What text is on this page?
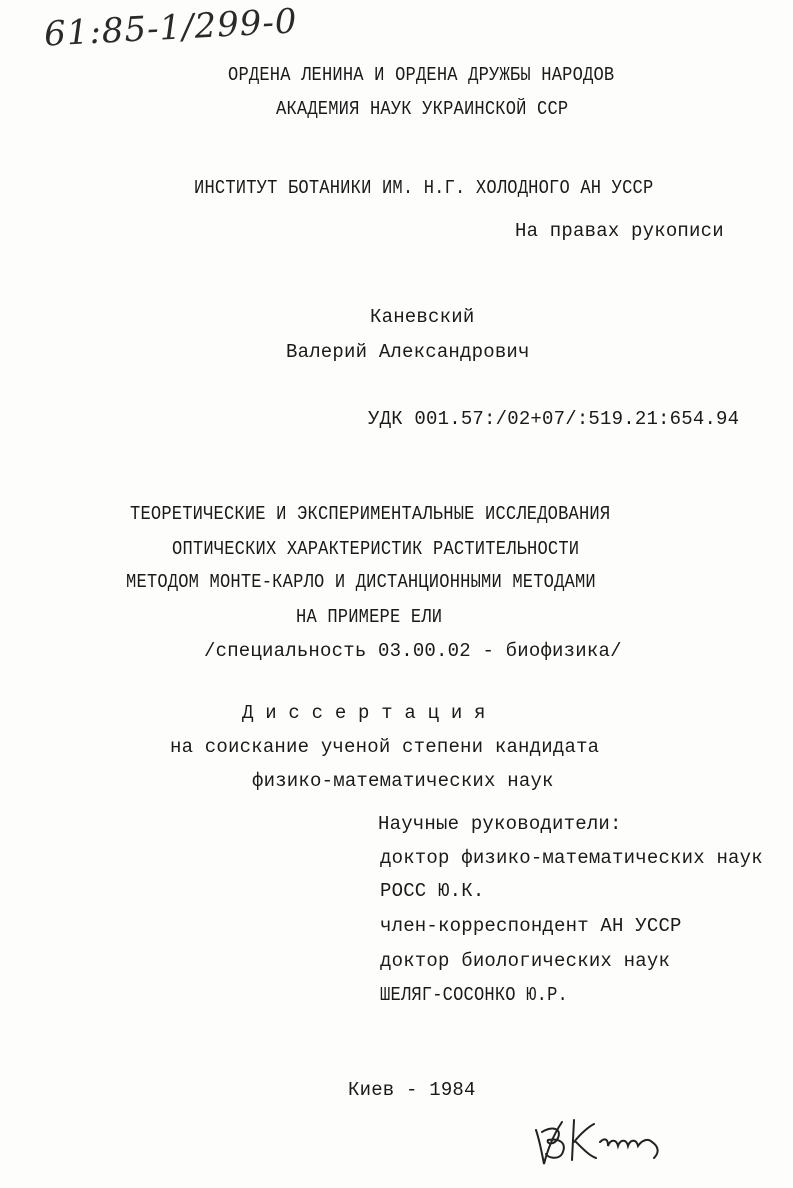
61:85-1/299-0
ОРДЕНА ЛЕНИНА И ОРДЕНА ДРУЖБЫ НАРОДОВ
АКАДЕМИЯ НАУК УКРАИНСКОЙ ССР
ИНСТИТУТ БОТАНИКИ ИМ. Н.Г. ХОЛОДНОГО АН УССР
На правах рукописи
Каневский
Валерий Александрович
УДК 001.57:/02+07/:519.21:654.94
ТЕОРЕТИЧЕСКИЕ И ЭКСПЕРИМЕНТАЛЬНЫЕ ИССЛЕДОВАНИЯ
ОПТИЧЕСКИХ ХАРАКТЕРИСТИК РАСТИТЕЛЬНОСТИ
МЕТОДОМ МОНТЕ-КАРЛО И ДИСТАНЦИОННЫМИ МЕТОДАМИ
НА ПРИМЕРЕ ЕЛИ
/специальность 03.00.02 - биофизика/
Д и с с е р т а ц и я
на соискание ученой степени кандидата
физико-математических наук
Научные руководители:
доктор физико-математических наук
РОСС Ю.К.
член-корреспондент АН УССР
доктор биологических наук
ШЕЛЯГ-СОСОНКО Ю.Р.
Киев - 1984
